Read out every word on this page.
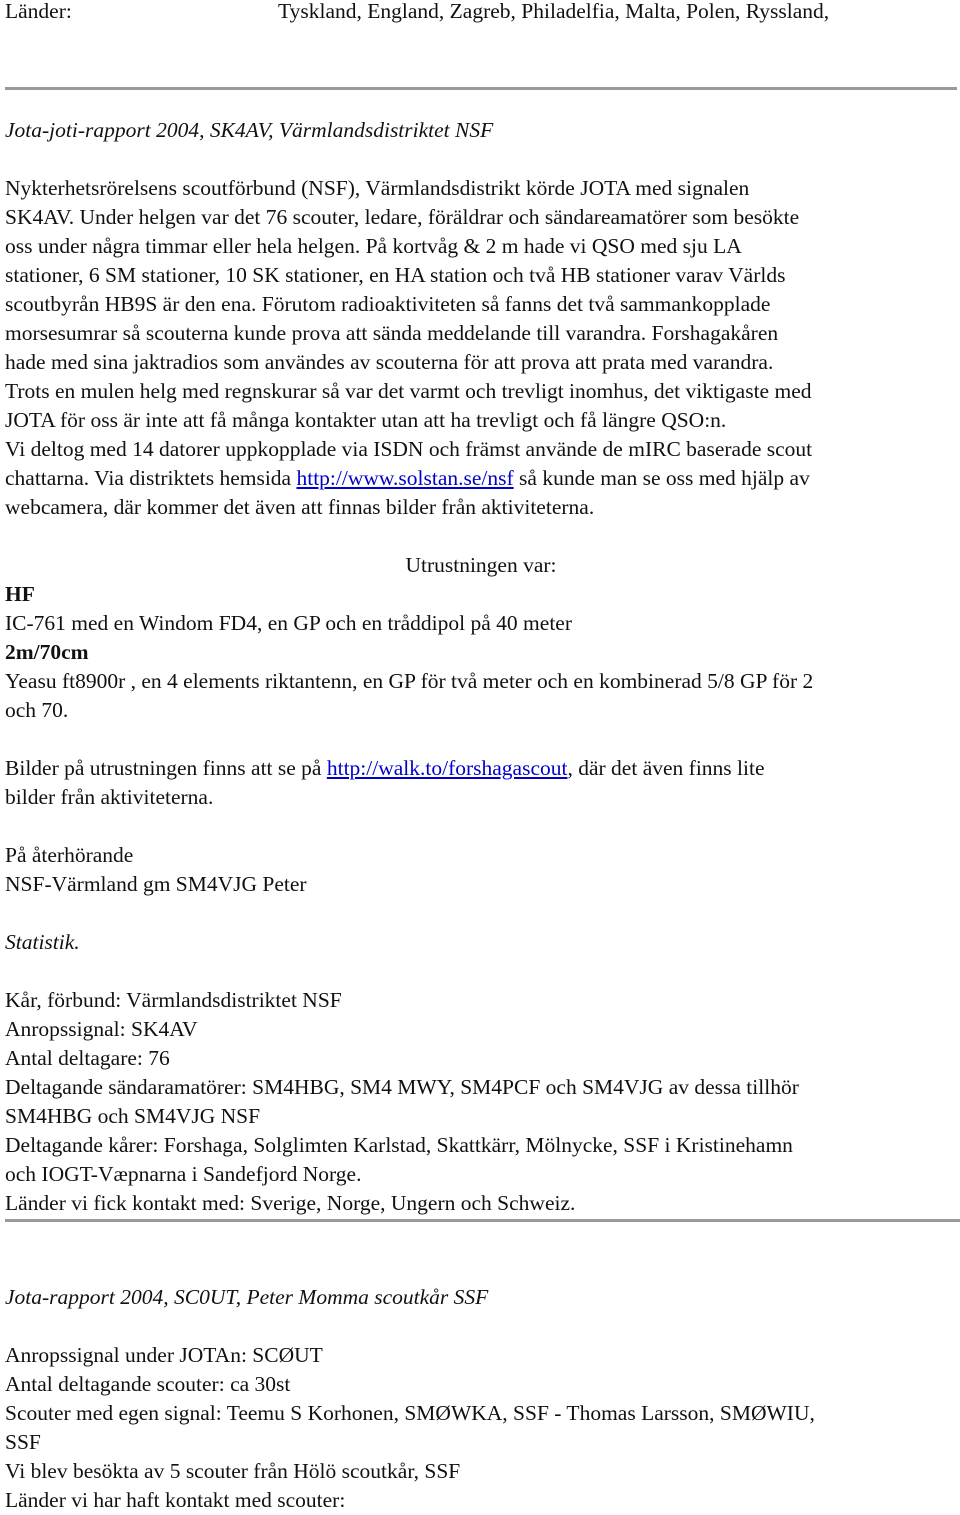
Länder:	Tyskland, England, Zagreb, Philadelfia, Malta, Polen, Ryssland,
Jota-joti-rapport 2004, SK4AV, Värmlandsdistriktet NSF
Nykterhetsrörelsens scoutförbund (NSF), Värmlandsdistrikt körde JOTA med signalen
SK4AV. Under helgen var det 76 scouter, ledare, föräldrar och sändareamatörer som besökte
oss under några timmar eller hela helgen. På kortvåg & 2 m hade vi QSO med sju LA
stationer, 6 SM stationer, 10 SK stationer, en HA station och två HB stationer varav Världs
scoutbyrån HB9S är den ena. Förutom radioaktiviteten så fanns det två sammankopplade
morsesumrar så scouterna kunde prova att sända meddelande till varandra. Forshagakåren
hade med sina jaktradios som användes av scouterna för att prova att prata med varandra.
Trots en mulen helg med regnskurar så var det varmt och trevligt inomhus, det viktigaste med
JOTA för oss är inte att få många kontakter utan att ha trevligt och få längre QSO:n.
Vi deltog med 14 datorer uppkopplade via ISDN och främst använde de mIRC baserade scout
chattarna. Via distriktets hemsida http://www.solstan.se/nsf så kunde man se oss med hjälp av
webcamera, där kommer det även att finnas bilder från aktiviteterna.
Utrustningen var:
HF
IC-761 med en Windom FD4, en GP och en tråddipol på 40 meter
2m/70cm
Yeasu ft8900r , en 4 elements riktantenn, en GP för två meter och en kombinerad 5/8 GP för 2
och 70.
Bilder på utrustningen finns att se på http://walk.to/forshagascout, där det även finns lite
bilder från aktiviteterna.
På återhörande
NSF-Värmland gm SM4VJG Peter
Statistik.
Kår, förbund: Värmlandsdistriktet NSF
Anropssignal: SK4AV
Antal deltagare: 76
Deltagande sändaramatörer: SM4HBG, SM4 MWY, SM4PCF och SM4VJG av dessa tillhör
SM4HBG och SM4VJG NSF
Deltagande kårer: Forshaga, Solglimten Karlstad, Skattkärr, Mölnycke, SSF i Kristinehamn
och IOGT-Væpnarna i Sandefjord Norge.
Länder vi fick kontakt med: Sverige, Norge, Ungern och Schweiz.
Jota-rapport 2004, SC0UT, Peter Momma scoutkår SSF
Anropssignal under JOTAn: SCØUT
Antal deltagande scouter: ca 30st
Scouter med egen signal: Teemu S Korhonen, SMØWKA, SSF - Thomas Larsson, SMØWIU,
SSF
Vi blev besökta av 5 scouter från Hölö scoutkår, SSF
Länder vi har haft kontakt med scouter:
